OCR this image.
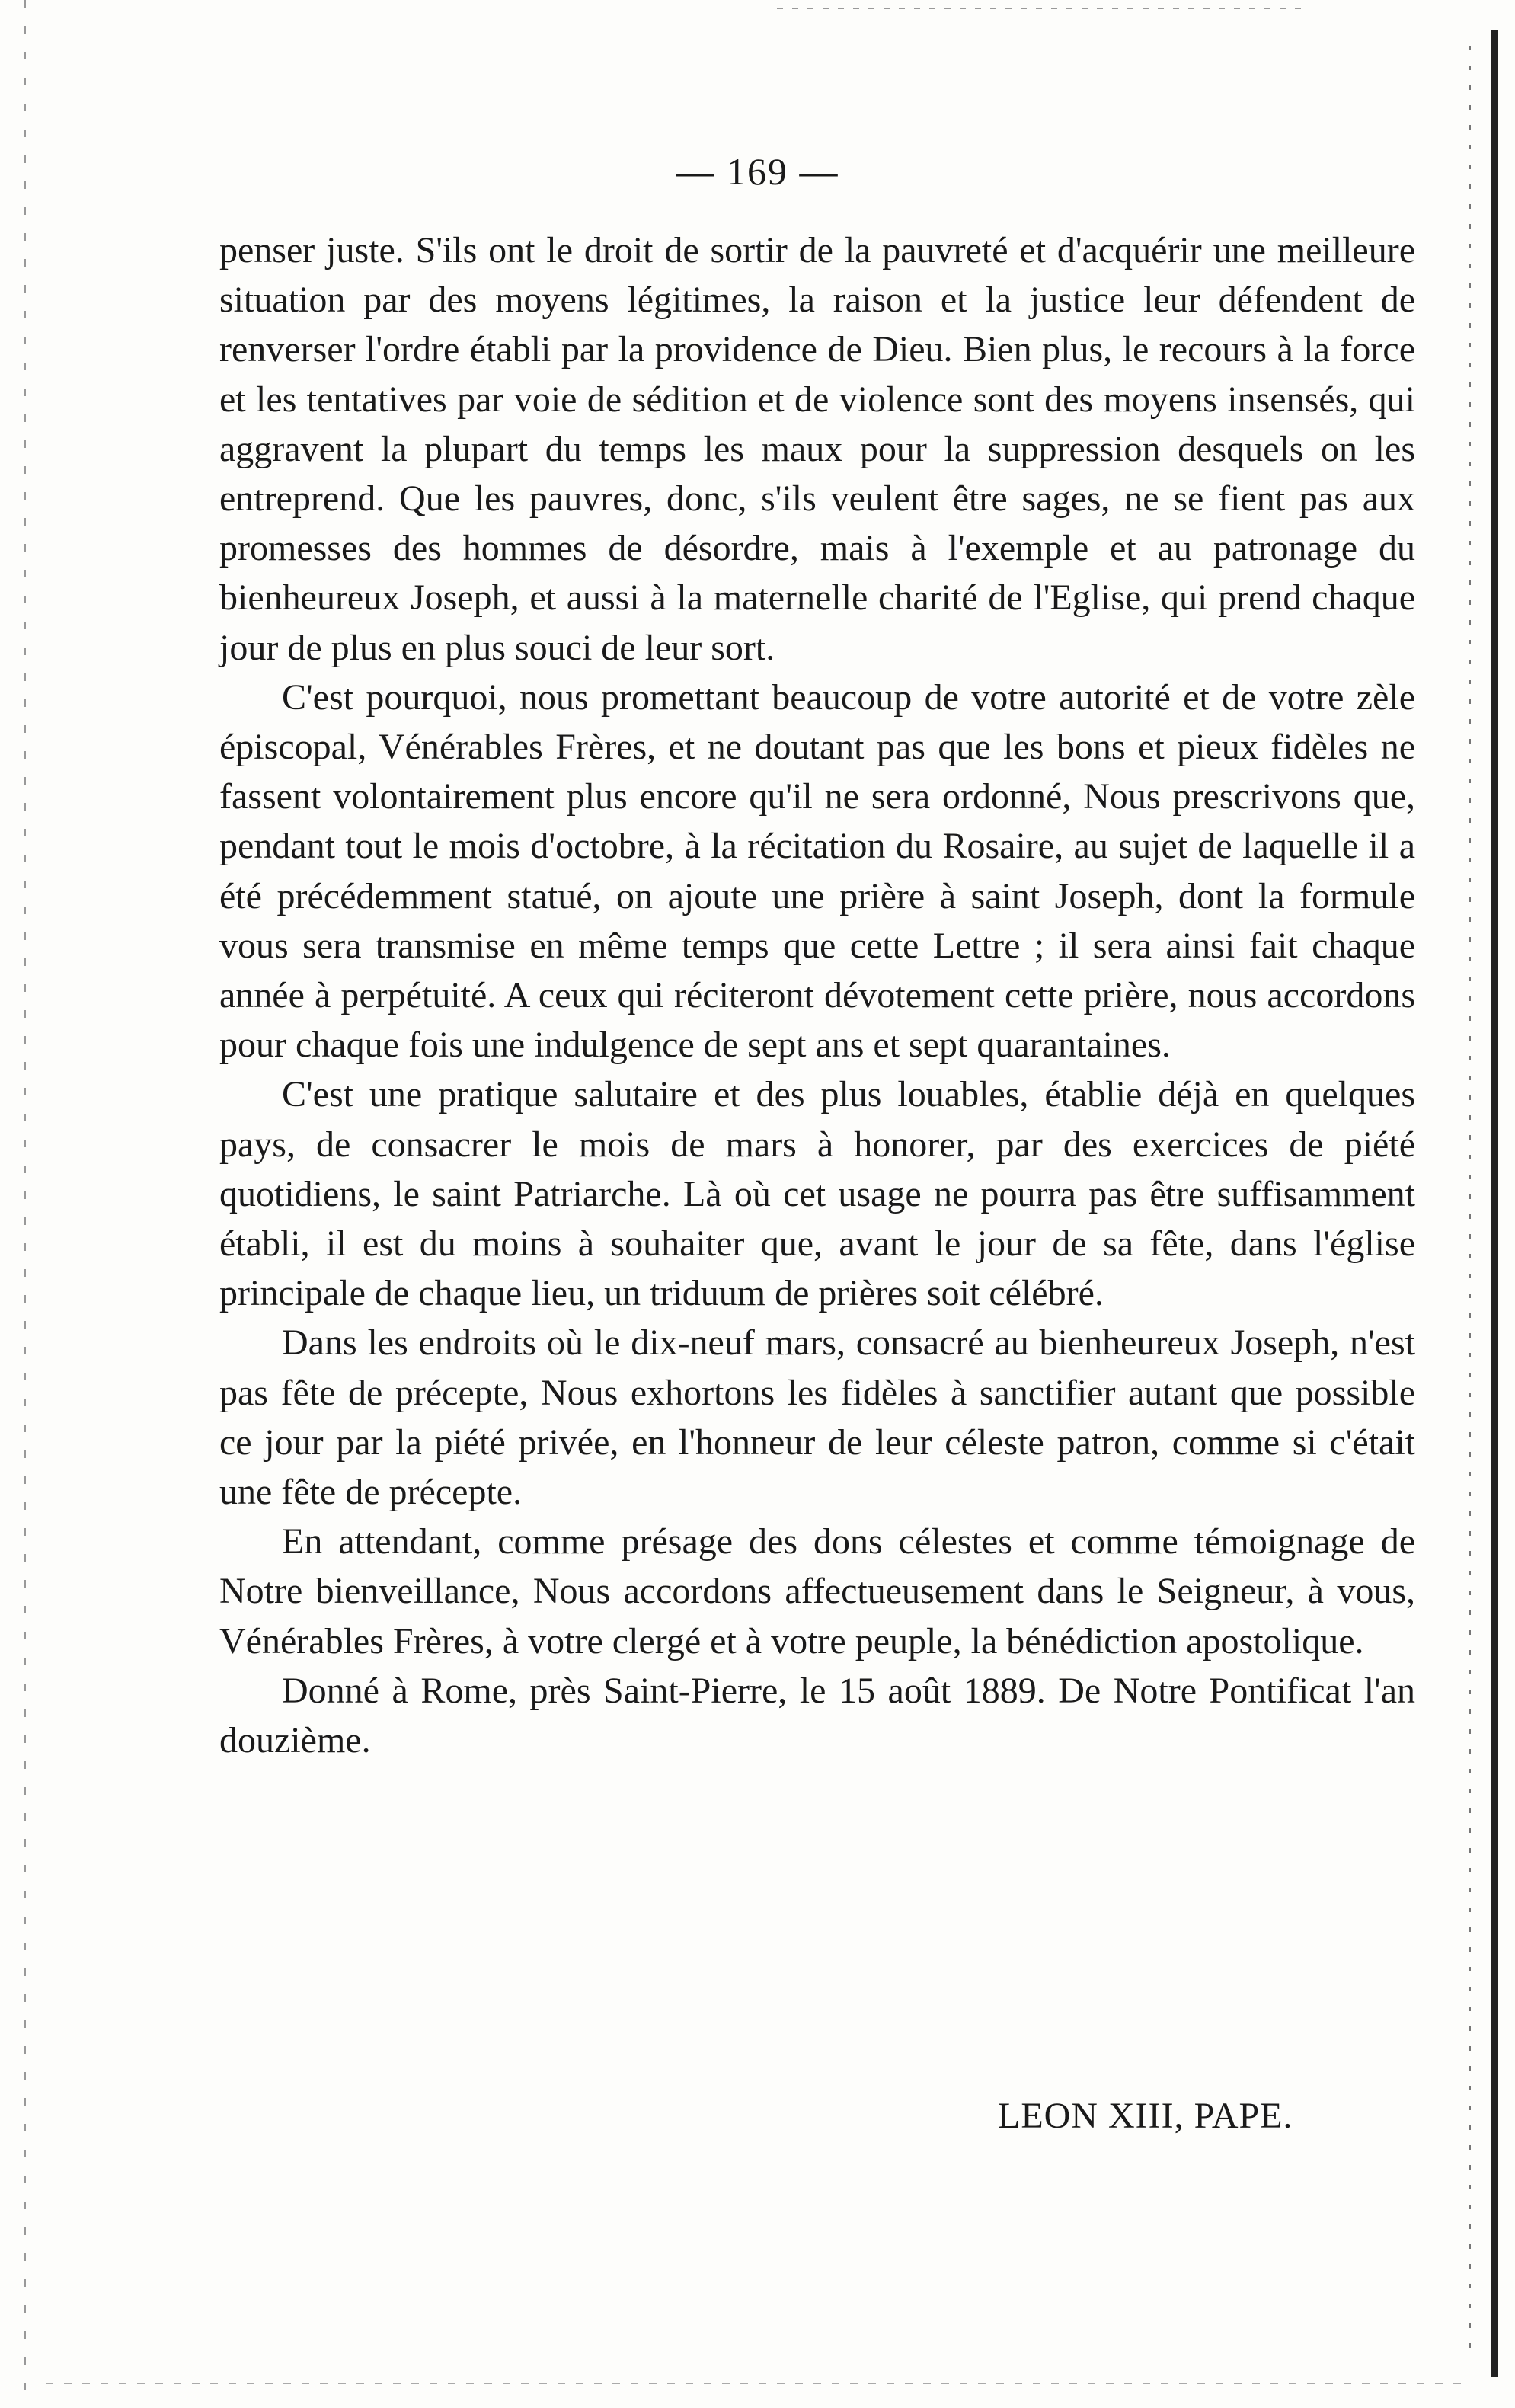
— 169 —

penser juste. S'ils ont le droit de sortir de la pauvreté et d'acquérir une meilleure situation par des moyens légitimes, la raison et la justice leur défendent de renverser l'ordre établi par la providence de Dieu. Bien plus, le recours à la force et les tentatives par voie de sédition et de violence sont des moyens insensés, qui aggravent la plupart du temps les maux pour la suppression desquels on les entreprend. Que les pauvres, donc, s'ils veulent être sages, ne se fient pas aux promesses des hommes de désordre, mais à l'exemple et au patronage du bienheureux Joseph, et aussi à la maternelle charité de l'Eglise, qui prend chaque jour de plus en plus souci de leur sort.

C'est pourquoi, nous promettant beaucoup de votre autorité et de votre zèle épiscopal, Vénérables Frères, et ne doutant pas que les bons et pieux fidèles ne fassent volontairement plus encore qu'il ne sera ordonné, Nous prescrivons que, pendant tout le mois d'octobre, à la récitation du Rosaire, au sujet de laquelle il a été précédemment statué, on ajoute une prière à saint Joseph, dont la formule vous sera transmise en même temps que cette Lettre ; il sera ainsi fait chaque année à perpétuité. A ceux qui réciteront dévotement cette prière, nous accordons pour chaque fois une indulgence de sept ans et sept quarantaines.

C'est une pratique salutaire et des plus louables, établie déjà en quelques pays, de consacrer le mois de mars à honorer, par des exercices de piété quotidiens, le saint Patriarche. Là où cet usage ne pourra pas être suffisamment établi, il est du moins à souhaiter que, avant le jour de sa fête, dans l'église principale de chaque lieu, un triduum de prières soit célébré.

Dans les endroits où le dix-neuf mars, consacré au bienheureux Joseph, n'est pas fête de précepte, Nous exhortons les fidèles à sanctifier autant que possible ce jour par la piété privée, en l'honneur de leur céleste patron, comme si c'était une fête de précepte.

En attendant, comme présage des dons célestes et comme témoignage de Notre bienveillance, Nous accordons affectueusement dans le Seigneur, à vous, Vénérables Frères, à votre clergé et à votre peuple, la bénédiction apostolique.

Donné à Rome, près Saint-Pierre, le 15 août 1889. De Notre Pontificat l'an douzième.

LEON XIII, PAPE.
